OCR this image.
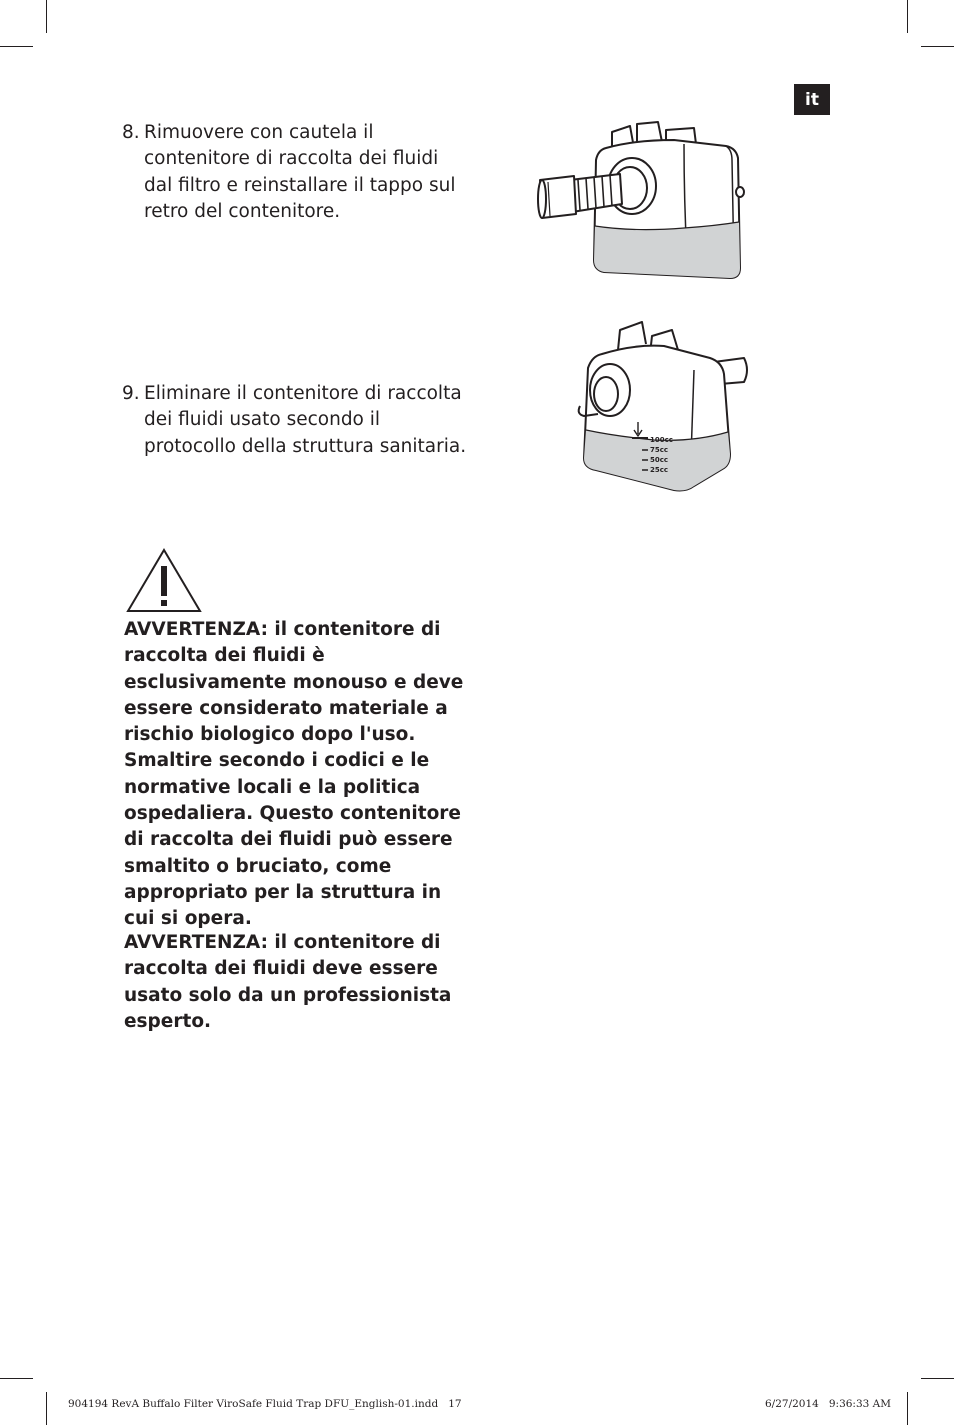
it
8. Rimuovere con cautela il contenitore di raccolta dei fluidi dal filtro e reinstallare il tappo sul retro del contenitore.
9. Eliminare il contenitore di raccolta dei fluidi usato secondo il protocollo della struttura sanitaria.	100cc
75cc
50cc
25cc
AVVERTENZA: il contenitore di raccolta dei fluidi è esclusivamente monouso e deve essere considerato materiale a rischio biologico dopo l'uso. Smaltire secondo i codici e le normative locali e la politica ospedaliera. Questo contenitore di raccolta dei fluidi può essere smaltito o bruciato, come appropriato per la struttura in cui si opera.
AVVERTENZA: il contenitore di raccolta dei fluidi deve essere usato solo da un professionista esperto.
904194 RevA Buffalo Filter ViroSafe Fluid Trap DFU_English-01.indd   17	6/27/2014   9:36:33 AM
